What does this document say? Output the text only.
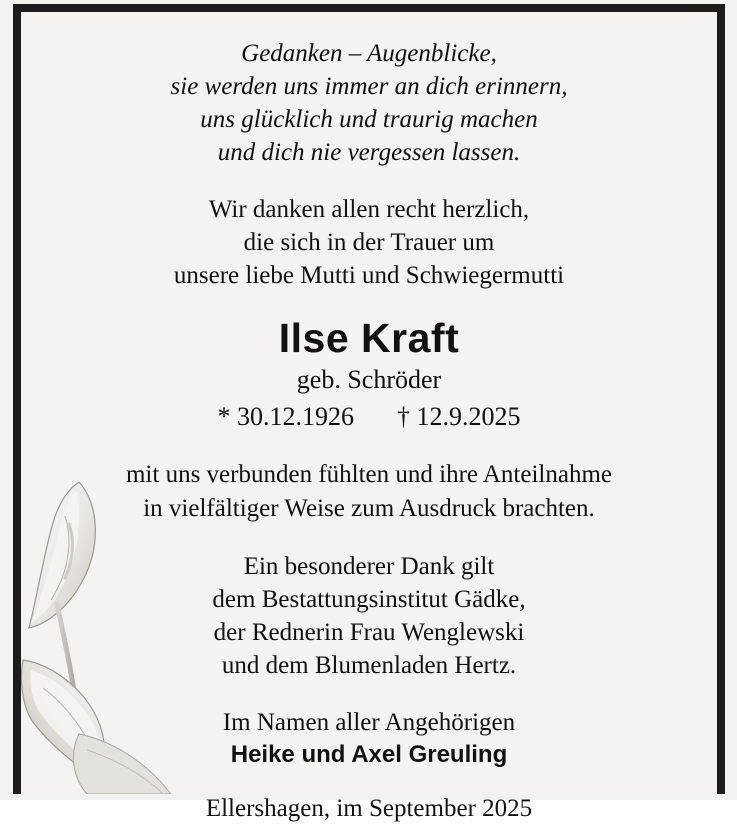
Gedanken – Augenblicke,
sie werden uns immer an dich erinnern,
uns glücklich und traurig machen
und dich nie vergessen lassen.
Wir danken allen recht herzlich,
die sich in der Trauer um
unsere liebe Mutti und Schwiegermutti
Ilse Kraft
geb. Schröder
* 30.12.1926 † 12.9.2025
mit uns verbunden fühlten und ihre Anteilnahme
in vielfältiger Weise zum Ausdruck brachten.
Ein besonderer Dank gilt
dem Bestattungsinstitut Gädke,
der Rednerin Frau Wenglewski
und dem Blumenladen Hertz.
Im Namen aller Angehörigen
Heike und Axel Greuling
Ellershagen, im September 2025
